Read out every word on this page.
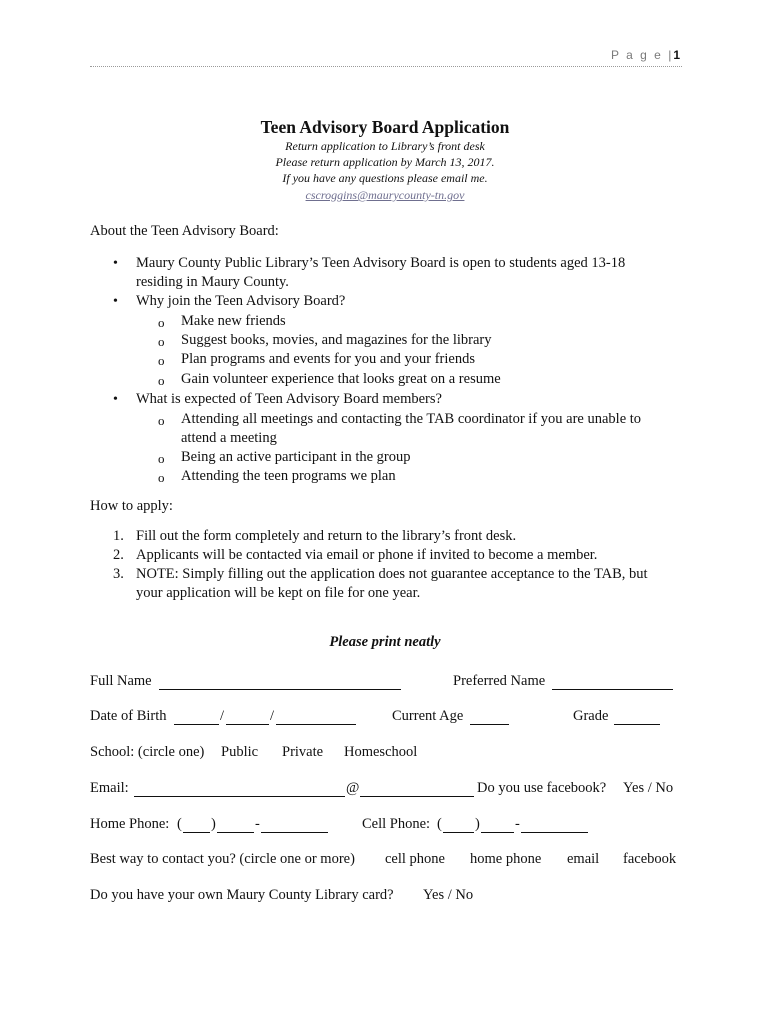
P a g e |1
Teen Advisory Board Application
Return application to Library’s front desk
Please return application by March 13, 2017.
If you have any questions please email me.
cscroggins@maurycounty-tn.gov
About the Teen Advisory Board:
• Maury County Public Library’s Teen Advisory Board is open to students aged 13-18
residing in Maury County.
• Why join the Teen Advisory Board?
o Make new friends
o Suggest books, movies, and magazines for the library
o Plan programs and events for you and your friends
o Gain volunteer experience that looks great on a resume
• What is expected of Teen Advisory Board members?
o Attending all meetings and contacting the TAB coordinator if you are unable to
attend a meeting
o Being an active participant in the group
o Attending the teen programs we plan
How to apply:
1. Fill out the form completely and return to the library’s front desk.
2. Applicants will be contacted via email or phone if invited to become a member.
3. NOTE: Simply filling out the application does not guarantee acceptance to the TAB, but
your application will be kept on file for one year.
Please print neatly
Full Name	Preferred Name
Date of Birth	/	/	Current Age	Grade
School: (circle one) Public Private Homeschool
Email:	@	Do you use facebook? Yes / No
Home Phone: ( )	-	Cell Phone: ( ) -
Best way to contact you? (circle one or more) cell phone home phone email facebook
Do you have your own Maury County Library card? Yes / No
